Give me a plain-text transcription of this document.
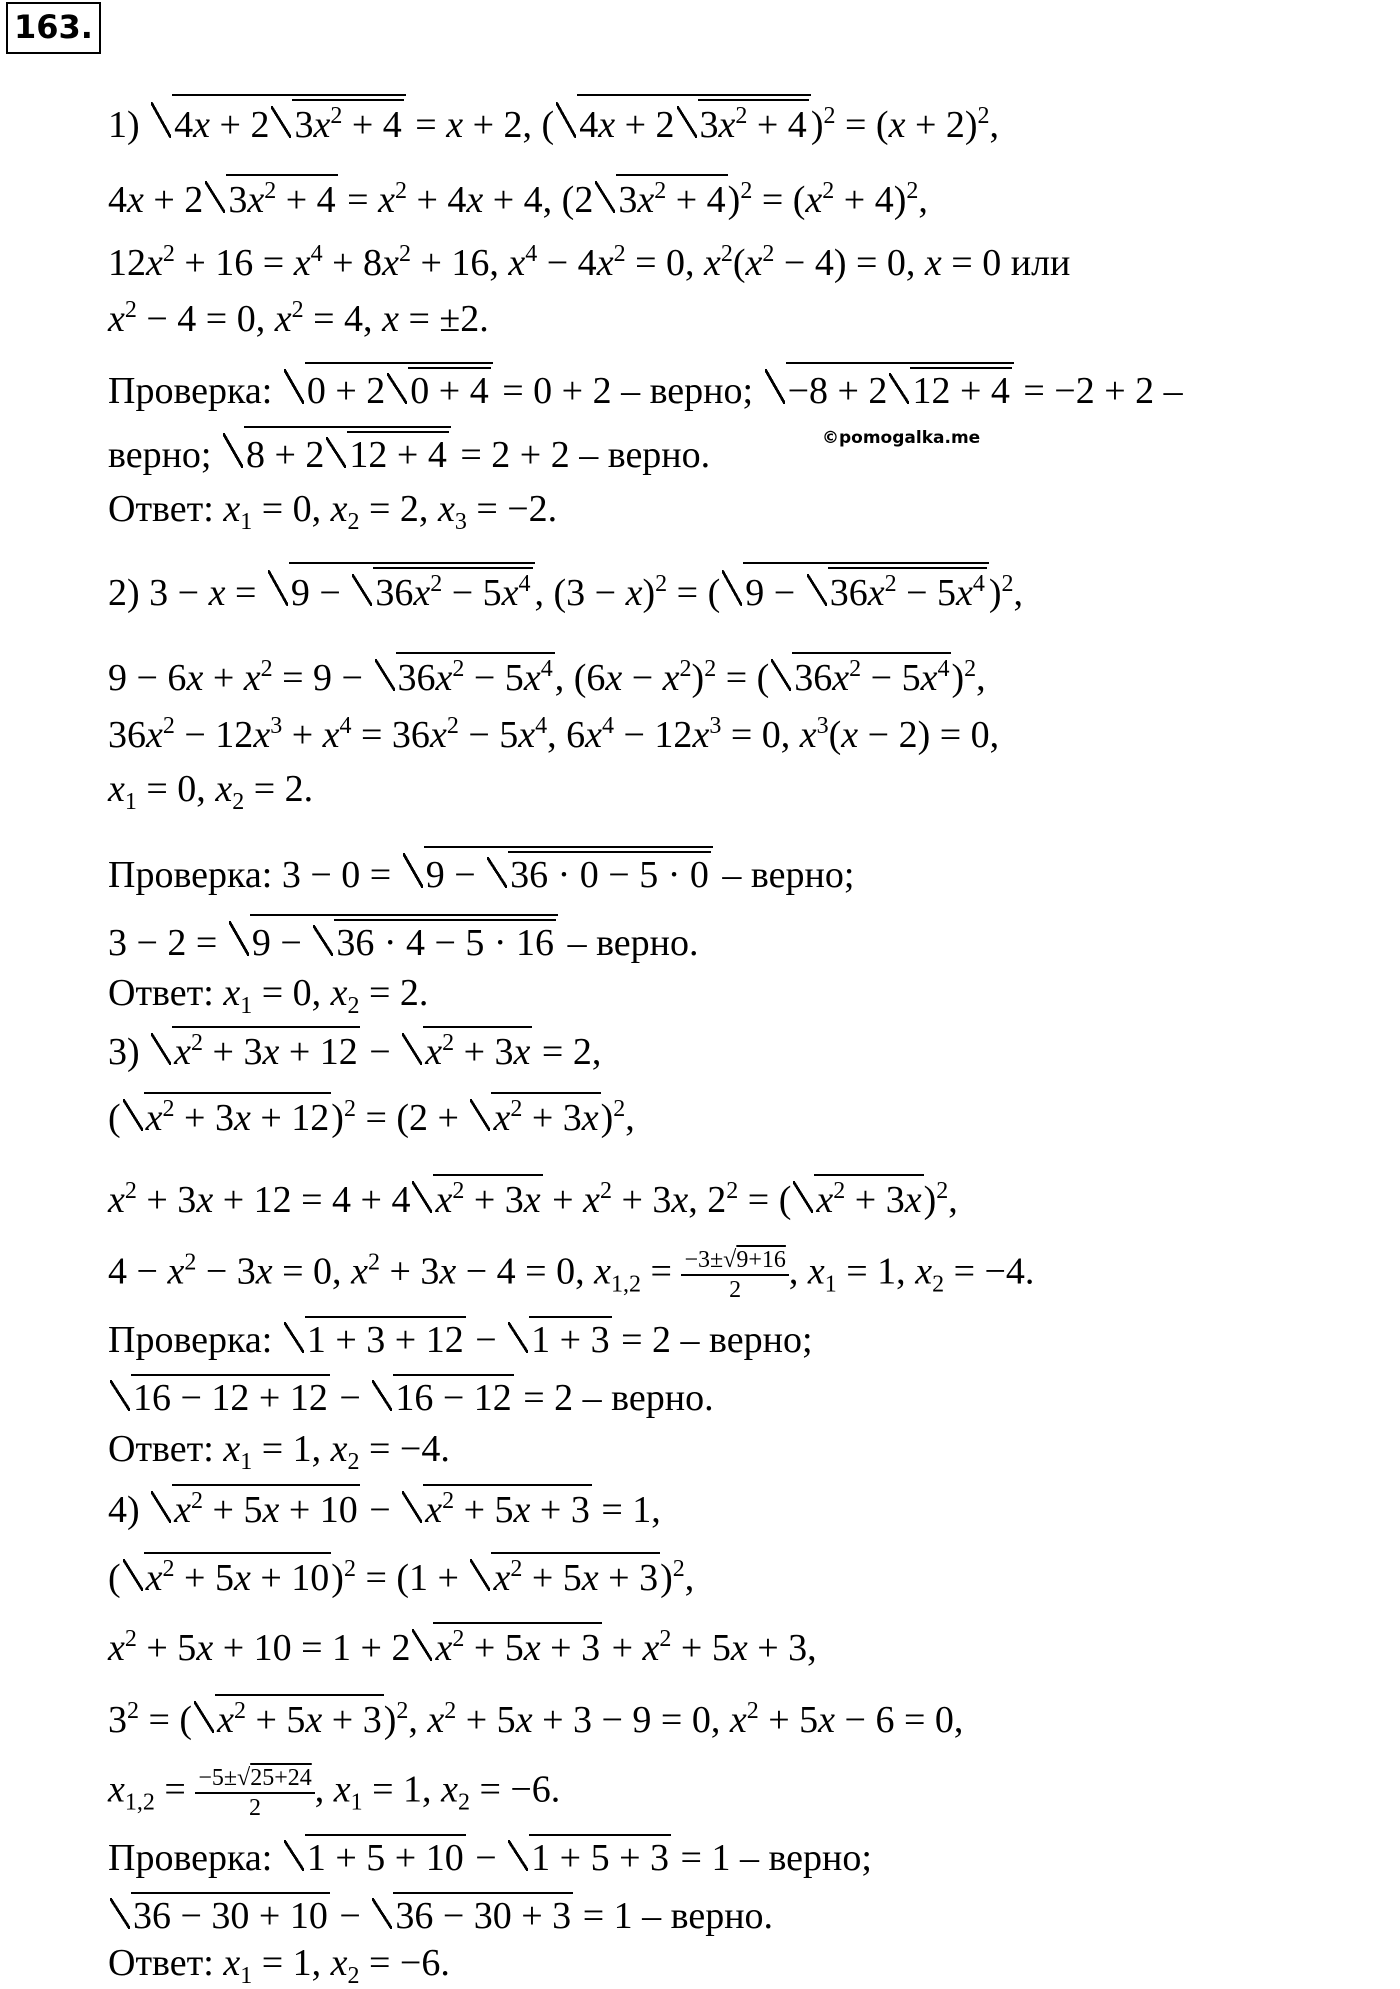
163.
1) 4x + 2 $3x^2 + 4 = x + 2$, ( 4x + 2 $3x^2 + 4$ )$^2 = (x + 2)^2$,
4x + 2 $3x^2 + 4 = x^2 + 4x + 4$, (2 $3x^2 + 4)^2 = (x^2 + 4)^2$,
$12x^2 + 16 = x^4 + 8x^2 + 16$, $x^4 - 4x^2 = 0$, $x^2(x^2 - 4) = 0$, x = 0 или
$x^2 - 4 = 0$, $x^2 = 4$, x = ±2.
Проверка: 0 + 2 0 + 4 = 0 + 2 – верно; −8 + 2 12 + 4 = −2 + 2 –
верно; 8 + 2 12 + 4 = 2 + 2 – верно.	©pomogalka.me
Ответ: $x_1 = 0$, $x_2 = 2$, $x_3 = -2$.
2) $3 - x = 9 - 36x^2 - 5x^4$ , $(3 - x)^2$ = ( $9 - 36x^2 - 5x^4$ )$^2$,
$9 - 6x + x^2 = 9 - 36x^2 - 5x^4$, $(6x - x^2)^2$ = ( $36x^2 - 5x^4)^2$,
$36x^2 - 12x^3 + x^4 = 36x^2 - 5x^4$, $6x^4 - 12x^3 = 0$, $x^3(x - 2) = 0$,
$x_1 = 0$, $x_2 = 2$.
Проверка: 3 − 0 = 9 − 36 · 0 − 5 · 0 – верно;
3 − 2 = 9 − 36 · 4 − 5 · 16 – верно.
Ответ: $x_1 = 0$, $x_2 = 2$.
3) $x^2 + 3x + 12 - x^2 + 3x = 2$,
( $x^2 + 3x + 12)^2 = (2 + x^2 + 3x)^2$,
$x^2 + 3x + 12 = 4 + 4$ $x^2 + 3x + x^2 + 3x$, $2^2$ = ( $x^2 + 3x)^2$,
$4 - x^2 - 3x = 0$, $x^2 + 3x - 4 = 0$, $x_{1,2} = \frac{-3\pm√9+16}{2}$ , $x_1 = 1$, $x_2 = -4$.
Проверка: 1 + 3 + 12 − 1 + 3 = 2 – верно;
16 − 12 + 12 − 16 − 12 = 2 – верно.
Ответ: $x_1 = 1$, $x_2 = -4$.
4) $x^2 + 5x + 10 - x^2 + 5x + 3 = 1$,
( $x^2 + 5x + 10)^2 = (1 + x^2 + 5x + 3)^2$,
$x^2 + 5x + 10 = 1 + 2$ $x^2 + 5x + 3 + x^2 + 5x + 3$,
$3^2$ = ( $x^2 + 5x + 3)^2$, $x^2 + 5x + 3 - 9 = 0$, $x^2 + 5x - 6 = 0$,
$x_{1,2} = \frac{-5\pm√25+24}{2}$ , $x_1 = 1$, $x_2 = -6$.
Проверка: 1 + 5 + 10 − 1 + 5 + 3 = 1 – верно;
36 − 30 + 10 − 36 − 30 + 3 = 1 – верно.
Ответ: $x_1 = 1$, $x_2 = -6$.
